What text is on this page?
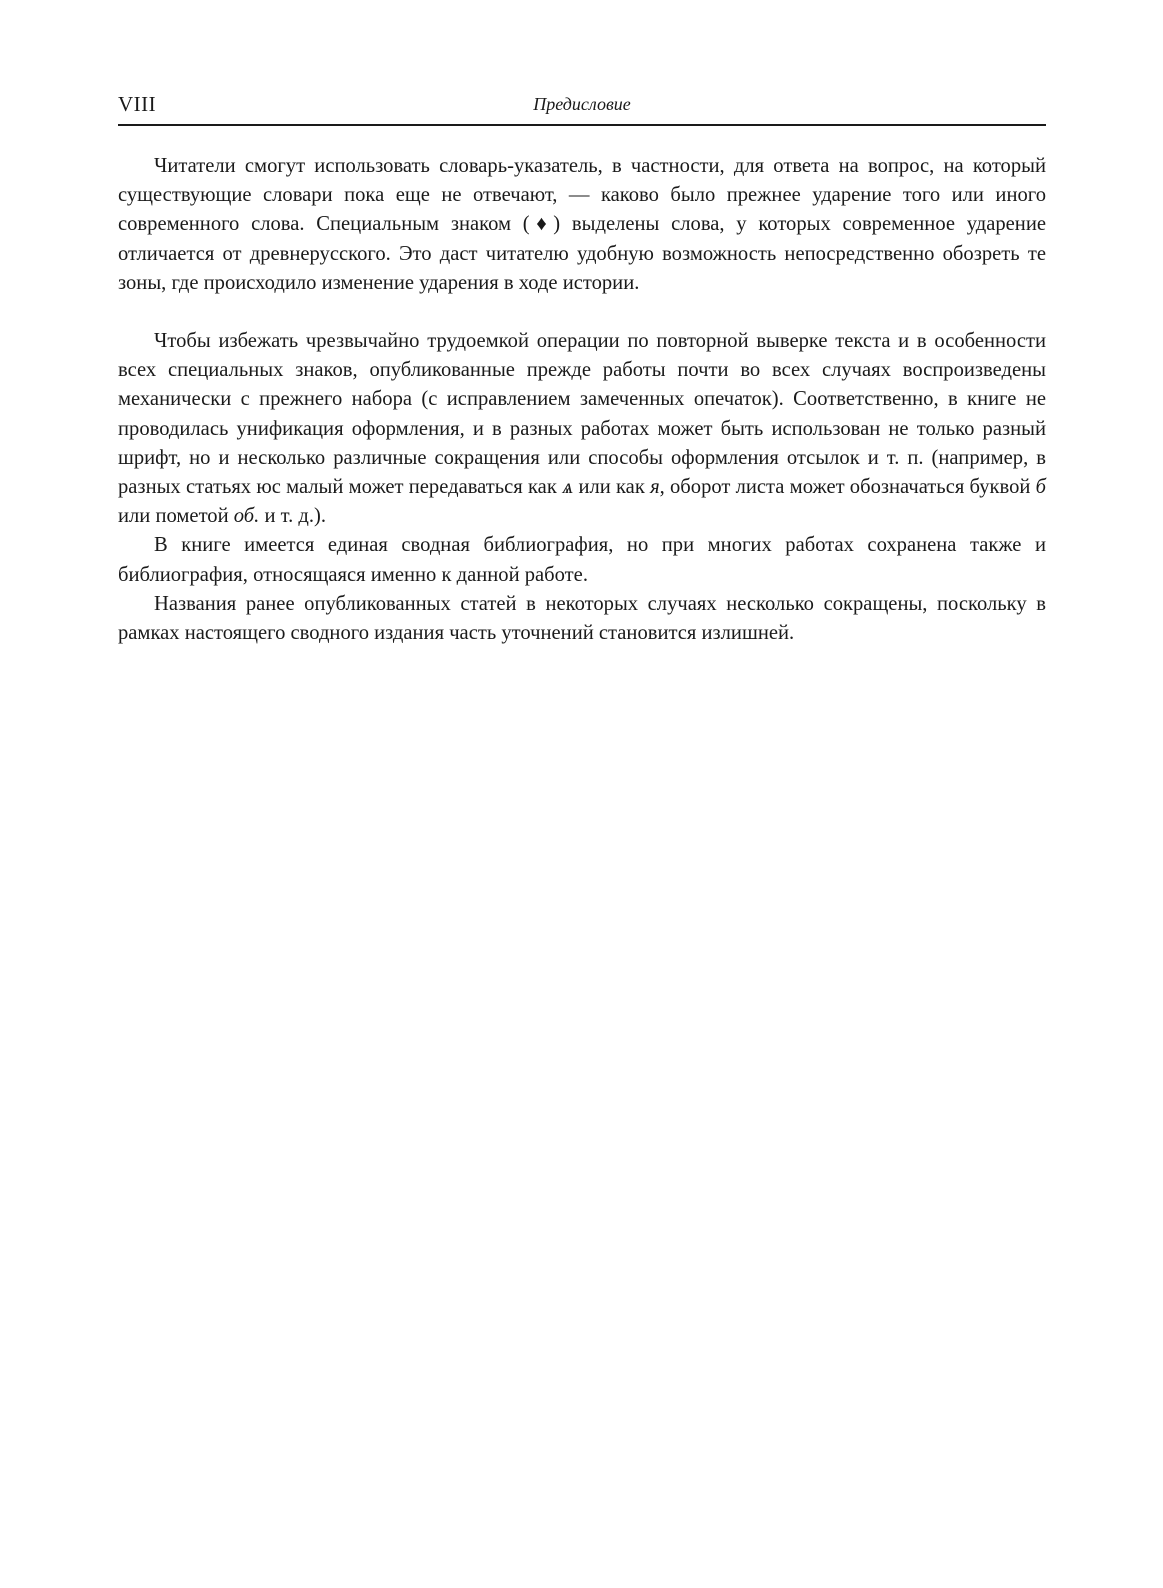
VIII	Предисловие

Читатели смогут использовать словарь-указатель, в частности, для ответа на вопрос, на который существующие словари пока еще не отвечают, — каково было прежнее ударение того или иного современного слова. Специальным знаком (♦) выделены слова, у которых современное ударение отличается от древнерусского. Это даст читателю удобную возможность непосредственно обозреть те зоны, где происходило изменение ударения в ходе истории.

Чтобы избежать чрезвычайно трудоемкой операции по повторной выверке текста и в особенности всех специальных знаков, опубликованные прежде работы почти во всех случаях воспроизведены механически с прежнего набора (с исправлением замеченных опечаток). Соответственно, в книге не проводилась унификация оформления, и в разных работах может быть использован не только разный шрифт, но и несколько различные сокращения или способы оформления отсылок и т. п. (например, в разных статьях юс малый может передаваться как ѧ или как я, оборот листа может обозначаться буквой б или пометой об. и т. д.).

В книге имеется единая сводная библиография, но при многих работах сохранена также и библиография, относящаяся именно к данной работе.

Названия ранее опубликованных статей в некоторых случаях несколько сокращены, поскольку в рамках настоящего сводного издания часть уточнений становится излишней.
